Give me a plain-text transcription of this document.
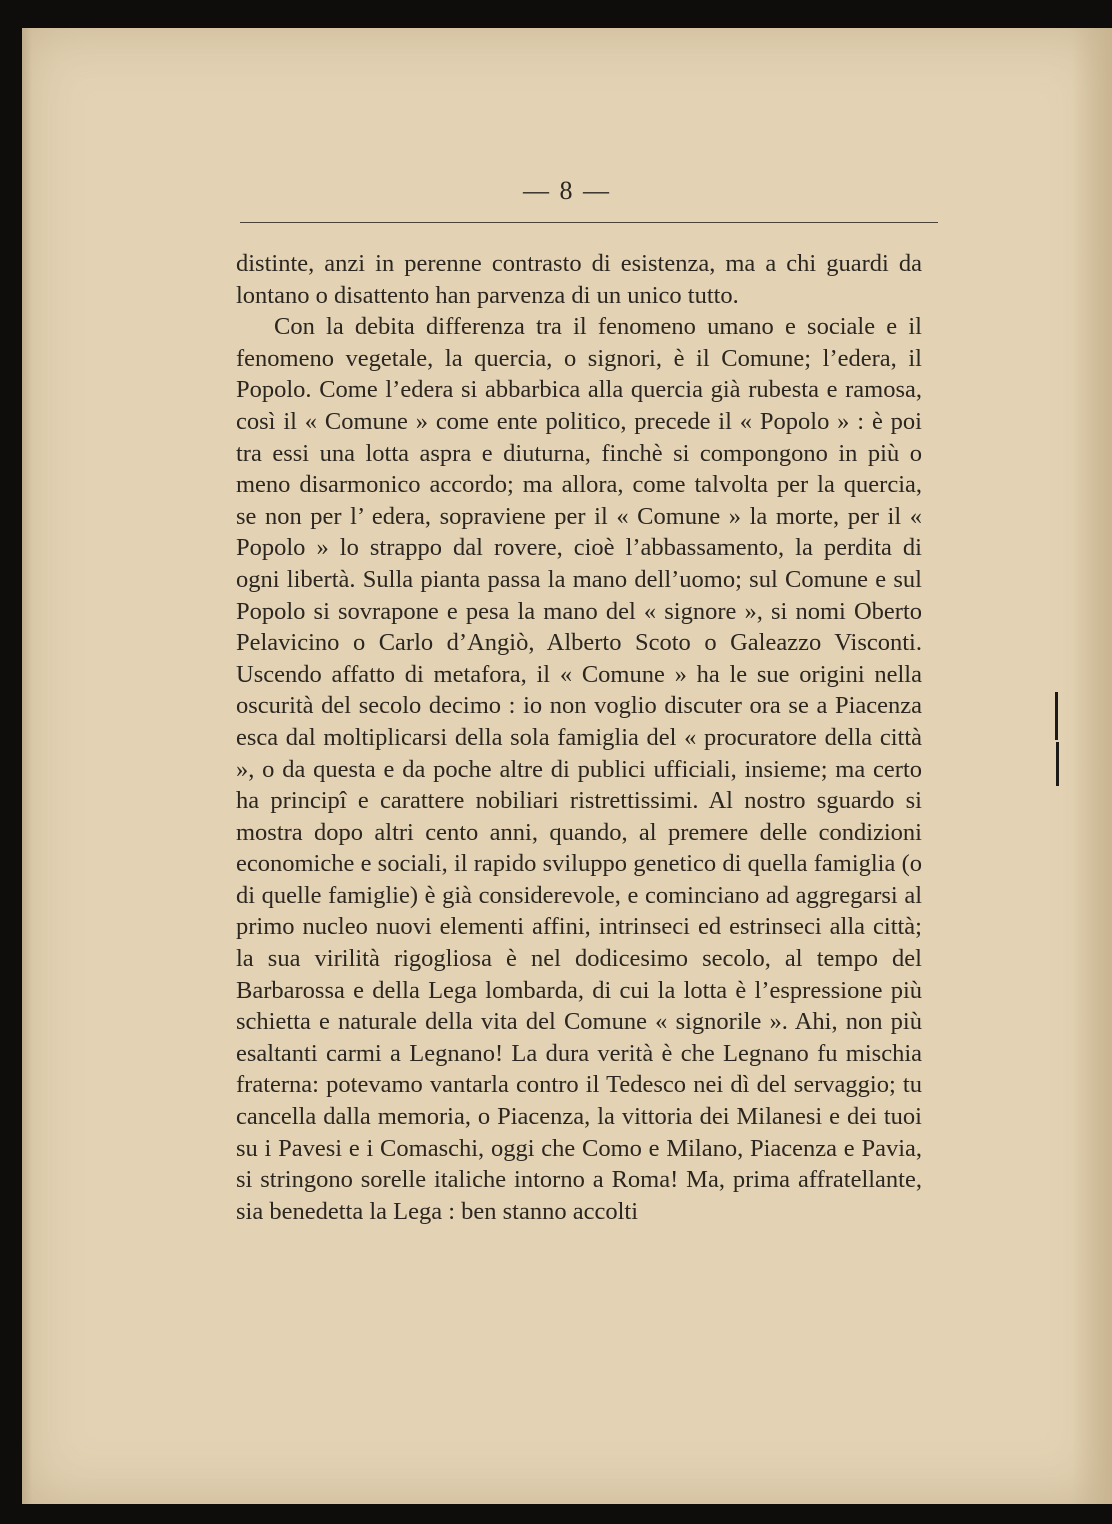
— 8 —

distinte, anzi in perenne contrasto di esistenza, ma a chi guardi da lontano o disattento han parvenza di un unico tutto.

Con la debita differenza tra il fenomeno umano e sociale e il fenomeno vegetale, la quercia, o signori, è il Comune; l’edera, il Popolo. Come l’edera si abbarbica alla quercia già rubesta e ramosa, così il « Comune » come ente politico, precede il « Popolo » : è poi tra essi una lotta aspra e diuturna, finchè si compongono in più o meno disarmonico accordo; ma allora, come talvolta per la quercia, se non per l’ edera, sopraviene per il « Comune » la morte, per il « Popolo » lo strappo dal rovere, cioè l’abbassamento, la perdita di ogni libertà. Sulla pianta passa la mano dell’uomo; sul Comune e sul Popolo si sovrapone e pesa la mano del « signore », si nomi Oberto Pelavicino o Carlo d’Angiò, Alberto Scoto o Galeazzo Visconti. Uscendo affatto di metafora, il « Comune » ha le sue origini nella oscurità del secolo decimo : io non voglio discuter ora se a Piacenza esca dal moltiplicarsi della sola famiglia del « procuratore della città », o da questa e da poche altre di publici ufficiali, insieme; ma certo ha principî e carattere nobiliari ristrettissimi. Al nostro sguardo si mostra dopo altri cento anni, quando, al premere delle condizioni economiche e sociali, il rapido sviluppo genetico di quella famiglia (o di quelle famiglie) è già considerevole, e cominciano ad aggregarsi al primo nucleo nuovi elementi affini, intrinseci ed estrinseci alla città; la sua virilità rigogliosa è nel dodicesimo secolo, al tempo del Barbarossa e della Lega lombarda, di cui la lotta è l’espressione più schietta e naturale della vita del Comune « signorile ». Ahi, non più esaltanti carmi a Legnano! La dura verità è che Legnano fu mischia fraterna: potevamo vantarla contro il Tedesco nei dì del servaggio; tu cancella dalla memoria, o Piacenza, la vittoria dei Milanesi e dei tuoi su i Pavesi e i Comaschi, oggi che Como e Milano, Piacenza e Pavia, si stringono sorelle italiche intorno a Roma! Ma, prima affratellante, sia benedetta la Lega : ben stanno accolti
